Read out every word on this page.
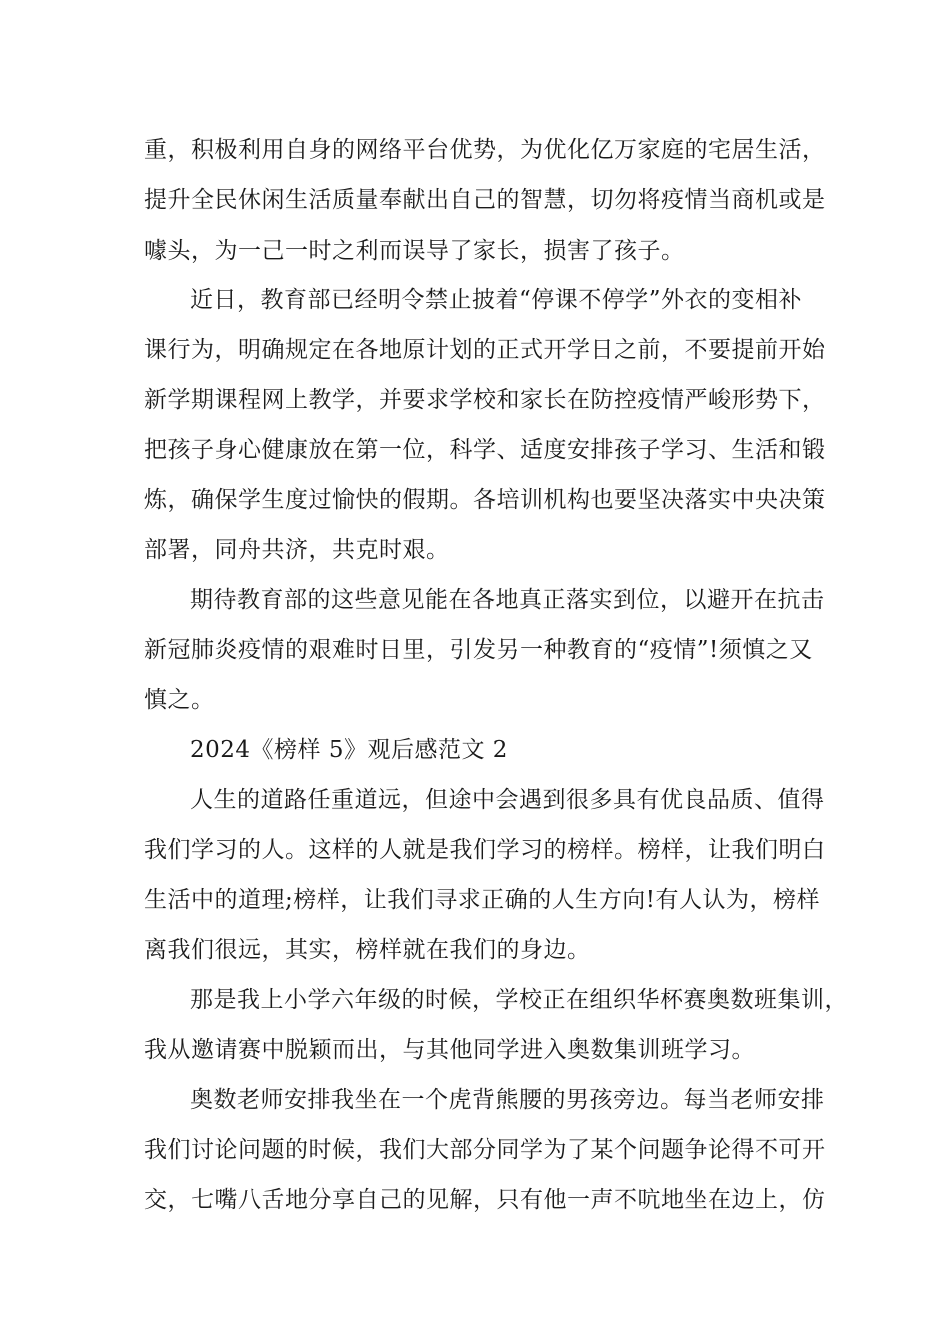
重，积极利用自身的网络平台优势，为优化亿万家庭的宅居生活，
提升全民休闲生活质量奉献出自己的智慧，切勿将疫情当商机或是
噱头，为一己一时之利而误导了家长，损害了孩子。
近日，教育部已经明令禁止披着“停课不停学”外衣的变相补
课行为，明确规定在各地原计划的正式开学日之前，不要提前开始
新学期课程网上教学，并要求学校和家长在防控疫情严峻形势下，
把孩子身心健康放在第一位，科学、适度安排孩子学习、生活和锻
炼，确保学生度过愉快的假期。各培训机构也要坚决落实中央决策
部署，同舟共济，共克时艰。
期待教育部的这些意见能在各地真正落实到位，以避开在抗击
新冠肺炎疫情的艰难时日里，引发另一种教育的“疫情”!须慎之又
慎之。
2024《榜样 5》观后感范文 2
人生的道路任重道远，但途中会遇到很多具有优良品质、值得
我们学习的人。这样的人就是我们学习的榜样。榜样，让我们明白
生活中的道理;榜样，让我们寻求正确的人生方向!有人认为，榜样
离我们很远，其实，榜样就在我们的身边。
那是我上小学六年级的时候，学校正在组织华杯赛奥数班集训，
我从邀请赛中脱颖而出，与其他同学进入奥数集训班学习。
奥数老师安排我坐在一个虎背熊腰的男孩旁边。每当老师安排
我们讨论问题的时候，我们大部分同学为了某个问题争论得不可开
交，七嘴八舌地分享自己的见解，只有他一声不吭地坐在边上，仿
